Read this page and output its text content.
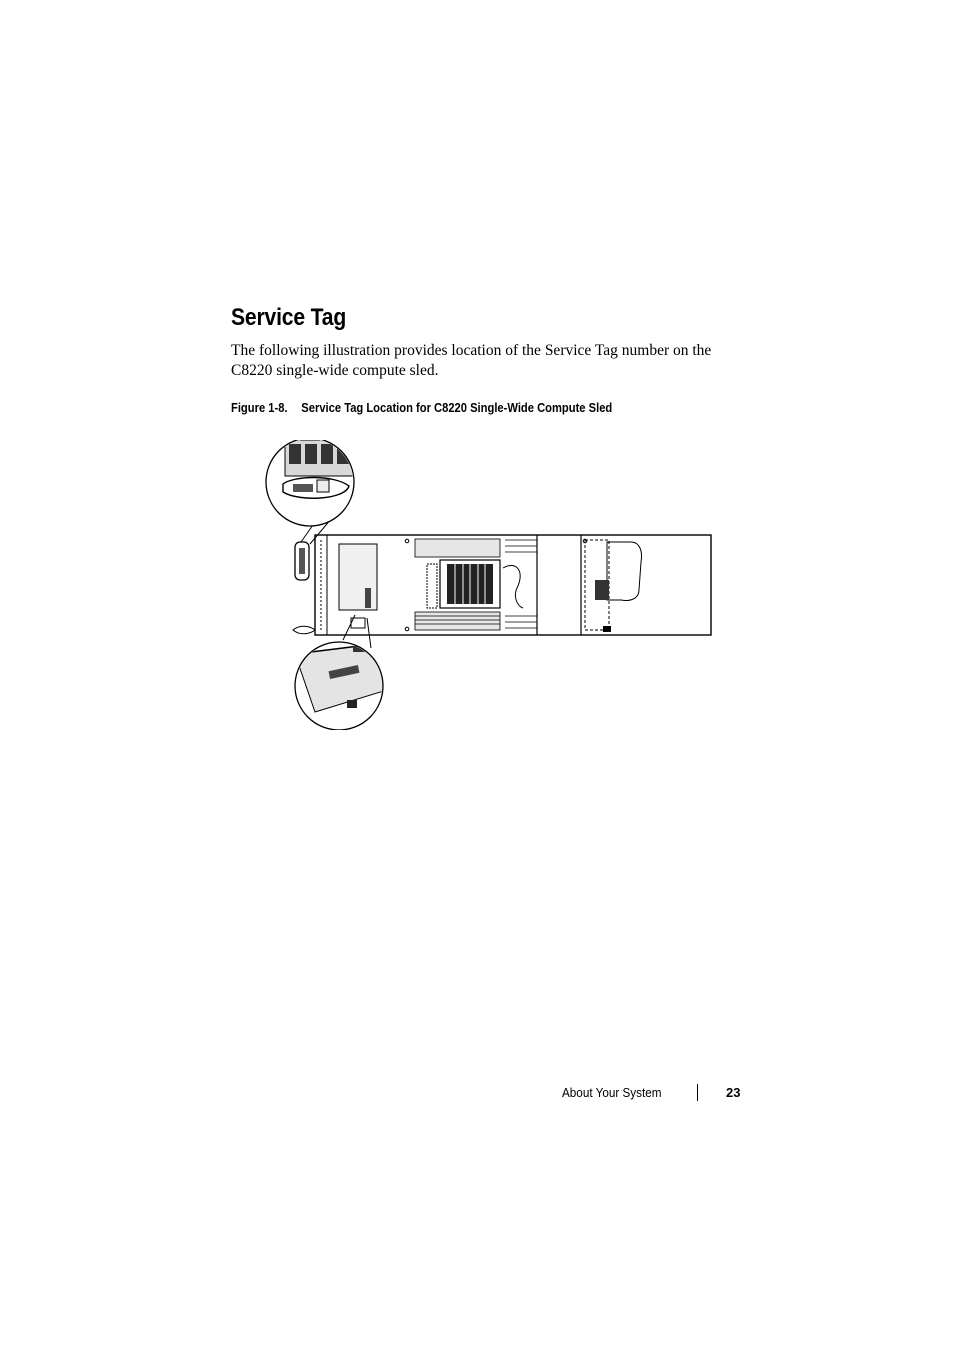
Service Tag

The following illustration provides location of the Service Tag number on the C8220 single-wide compute sled.

Figure 1-8. Service Tag Location for C8220 Single-Wide Compute Sled

About Your System	23
